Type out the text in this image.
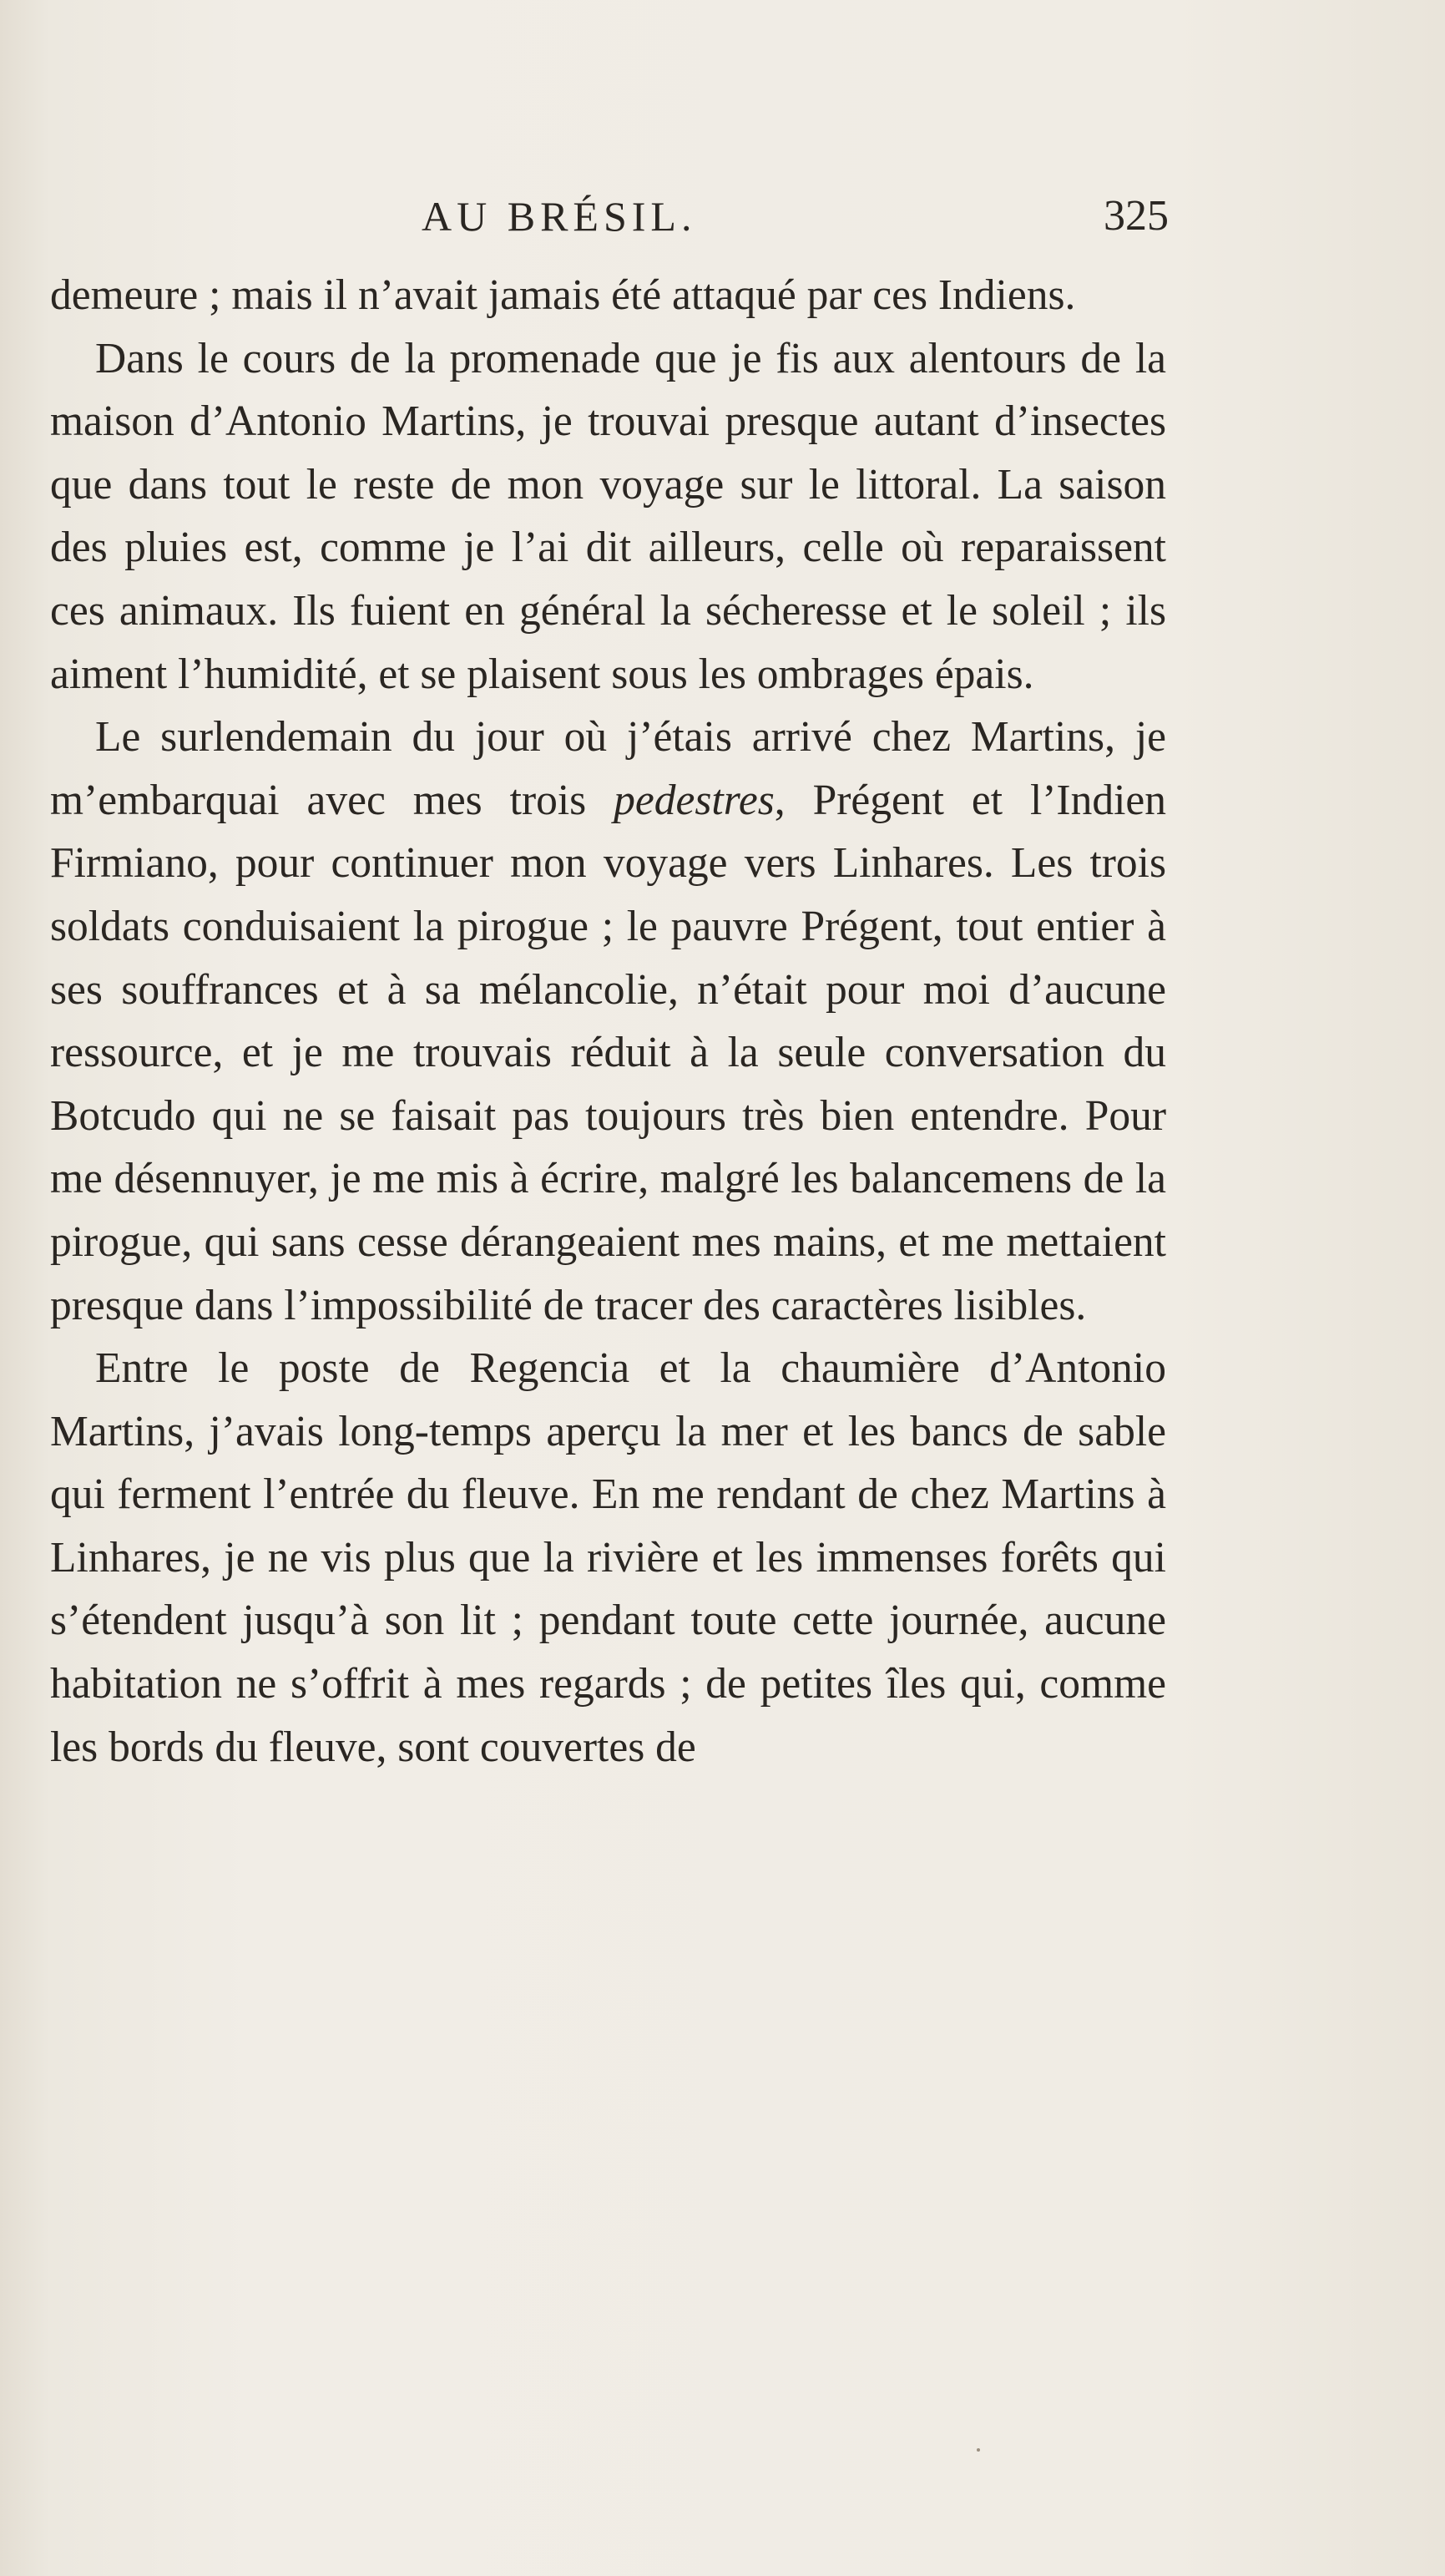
AU BRÉSIL.	325

demeure ; mais il n’avait jamais été attaqué par ces Indiens.

Dans le cours de la promenade que je fis aux alentours de la maison d’Antonio Martins, je trouvai presque autant d’insectes que dans tout le reste de mon voyage sur le littoral. La saison des pluies est, comme je l’ai dit ailleurs, celle où reparaissent ces animaux. Ils fuient en général la sécheresse et le soleil ; ils aiment l’humidité, et se plaisent sous les ombrages épais.

Le surlendemain du jour où j’étais arrivé chez Martins, je m’embarquai avec mes trois pedestres, Prégent et l’Indien Firmiano, pour continuer mon voyage vers Linhares. Les trois soldats conduisaient la pirogue ; le pauvre Prégent, tout entier à ses souffrances et à sa mélancolie, n’était pour moi d’aucune ressource, et je me trouvais réduit à la seule conversation du Botcudo qui ne se faisait pas toujours très bien entendre. Pour me désennuyer, je me mis à écrire, malgré les balancemens de la pirogue, qui sans cesse dérangeaient mes mains, et me mettaient presque dans l’impossibilité de tracer des caractères lisibles.

Entre le poste de Regencia et la chaumière d’Antonio Martins, j’avais long-temps aperçu la mer et les bancs de sable qui ferment l’entrée du fleuve. En me rendant de chez Martins à Linhares, je ne vis plus que la rivière et les immenses forêts qui s’étendent jusqu’à son lit ; pendant toute cette journée, aucune habitation ne s’offrit à mes regards ; de petites îles qui, comme les bords du fleuve, sont couvertes de
